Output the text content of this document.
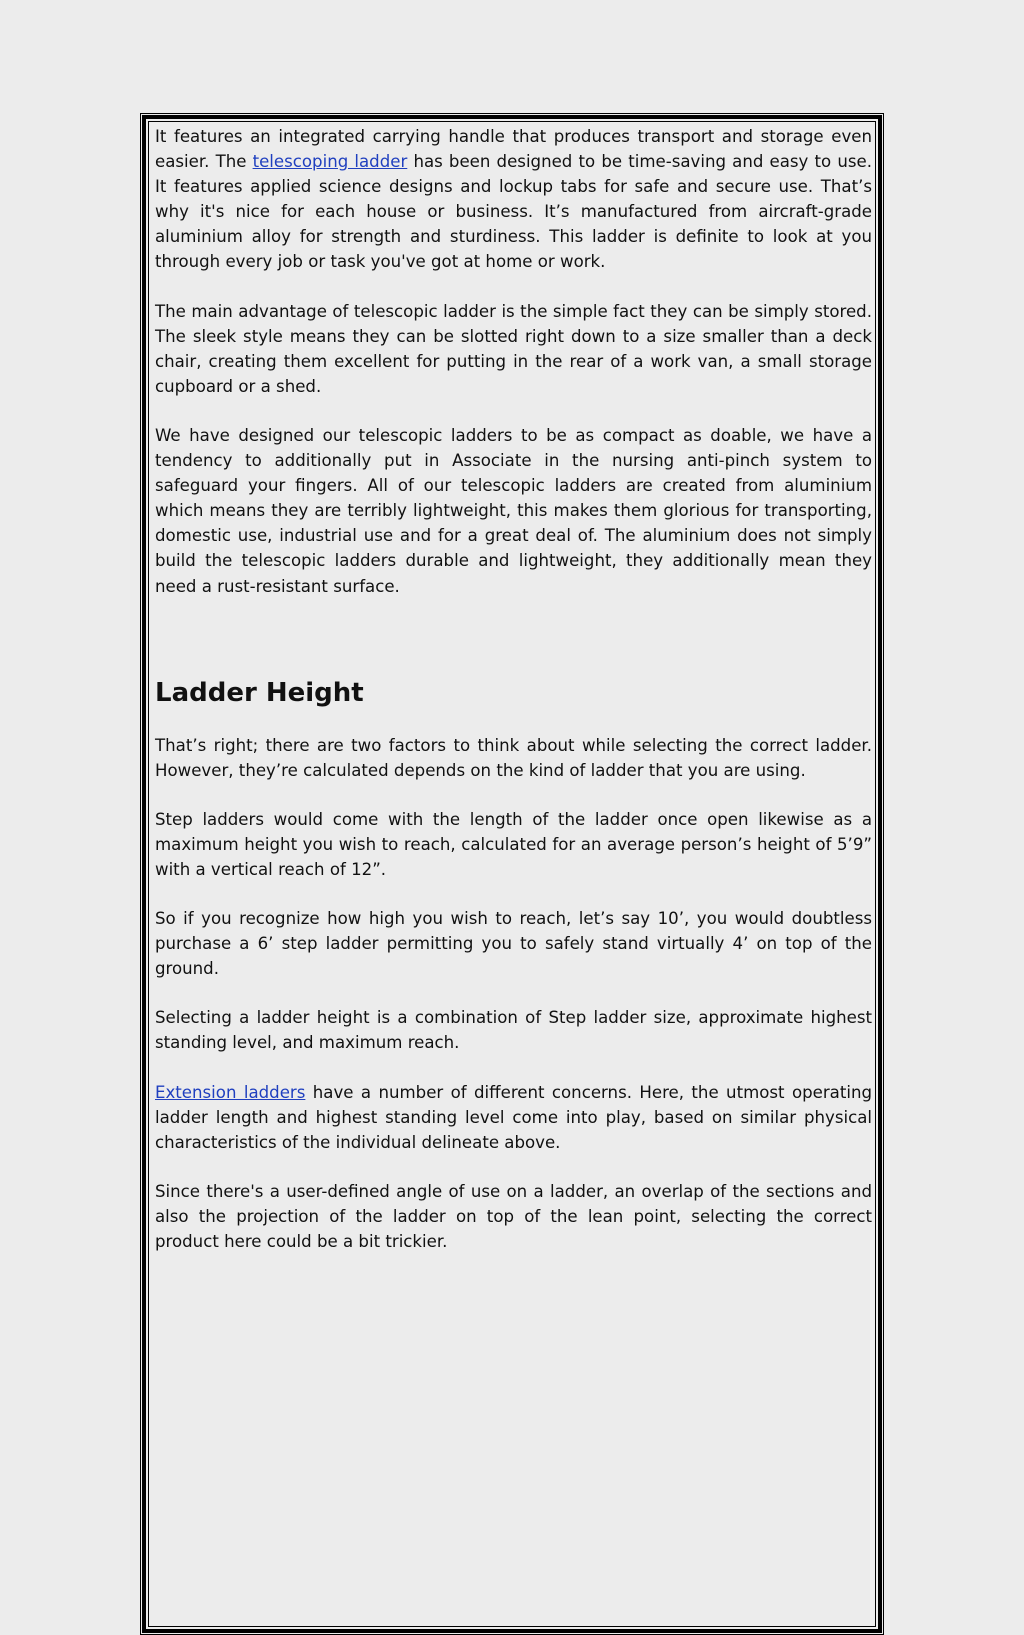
It features an integrated carrying handle that produces transport and storage even easier. The telescoping ladder has been designed to be time-saving and easy to use. It features applied science designs and lockup tabs for safe and secure use. That’s why it's nice for each house or business. It’s manufactured from aircraft-grade aluminium alloy for strength and sturdiness. This ladder is definite to look at you through every job or task you've got at home or work.

The main advantage of telescopic ladder is the simple fact they can be simply stored. The sleek style means they can be slotted right down to a size smaller than a deck chair, creating them excellent for putting in the rear of a work van, a small storage cupboard or a shed.

We have designed our telescopic ladders to be as compact as doable, we have a tendency to additionally put in Associate in the nursing anti-pinch system to safeguard your fingers. All of our telescopic ladders are created from aluminium which means they are terribly lightweight, this makes them glorious for transporting, domestic use, industrial use and for a great deal of. The aluminium does not simply build the telescopic ladders durable and lightweight, they additionally mean they need a rust-resistant surface.

Ladder Height

That’s right; there are two factors to think about while selecting the correct ladder. However, they’re calculated depends on the kind of ladder that you are using.

Step ladders would come with the length of the ladder once open likewise as a maximum height you wish to reach, calculated for an average person’s height of 5’9” with a vertical reach of 12”.

So if you recognize how high you wish to reach, let’s say 10’, you would doubtless purchase a 6’ step ladder permitting you to safely stand virtually 4’ on top of the ground.

Selecting a ladder height is a combination of Step ladder size, approximate highest standing level, and maximum reach.

Extension ladders have a number of different concerns. Here, the utmost operating ladder length and highest standing level come into play, based on similar physical characteristics of the individual delineate above.

Since there's a user-defined angle of use on a ladder, an overlap of the sections and also the projection of the ladder on top of the lean point, selecting the correct product here could be a bit trickier.
